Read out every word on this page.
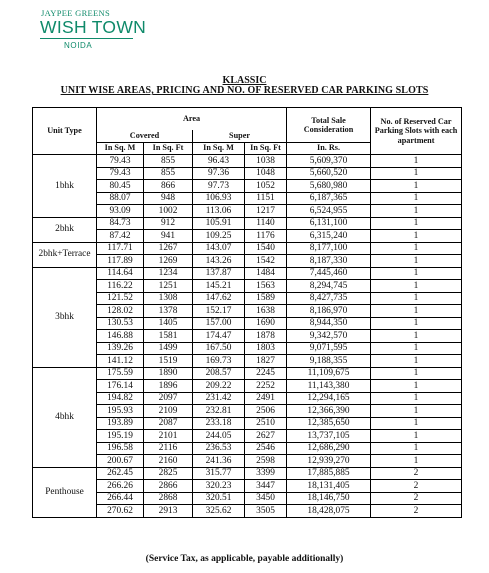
JAYPEE GREENS
WISH TOWN
NOIDA
KLASSIC
UNIT WISE AREAS, PRICING AND NO. OF RESERVED CAR PARKING SLOTS
Unit Type	Area				Total Sale Consideration	No. of Reserved Car Parking Slots with each apartment
	Covered		Super			
	In Sq. M	In Sq. Ft	In Sq. M	In Sq. Ft	In. Rs.	
1bhk	79.43	855	96.43	1038	5,609,370	1
	79.43	855	97.36	1048	5,660,520	1
	80.45	866	97.73	1052	5,680,980	1
	88.07	948	106.93	1151	6,187,365	1
	93.09	1002	113.06	1217	6,524,955	1
2bhk	84.73	912	105.91	1140	6,131,100	1
	87.42	941	109.25	1176	6,315,240	1
2bhk+Terrace	117.71	1267	143.07	1540	8,177,100	1
	117.89	1269	143.26	1542	8,187,330	1
3bhk	114.64	1234	137.87	1484	7,445,460	1
	116.22	1251	145.21	1563	8,294,745	1
	121.52	1308	147.62	1589	8,427,735	1
	128.02	1378	152.17	1638	8,186,970	1
	130.53	1405	157.00	1690	8,944,350	1
	146.88	1581	174.47	1878	9,342,570	1
	139.26	1499	167.50	1803	9,071,595	1
	141.12	1519	169.73	1827	9,188,355	1
4bhk	175.59	1890	208.57	2245	11,109,675	1
	176.14	1896	209.22	2252	11,143,380	1
	194.82	2097	231.42	2491	12,294,165	1
	195.93	2109	232.81	2506	12,366,390	1
	193.89	2087	233.18	2510	12,385,650	1
	195.19	2101	244.05	2627	13,737,105	1
	196.58	2116	236.53	2546	12,686,290	1
	200.67	2160	241.36	2598	12,939,270	1
Penthouse	262.45	2825	315.77	3399	17,885,885	2
	266.26	2866	320.23	3447	18,131,405	2
	266.44	2868	320.51	3450	18,146,750	2
	270.62	2913	325.62	3505	18,428,075	2
(Service Tax, as applicable, payable additionally)
